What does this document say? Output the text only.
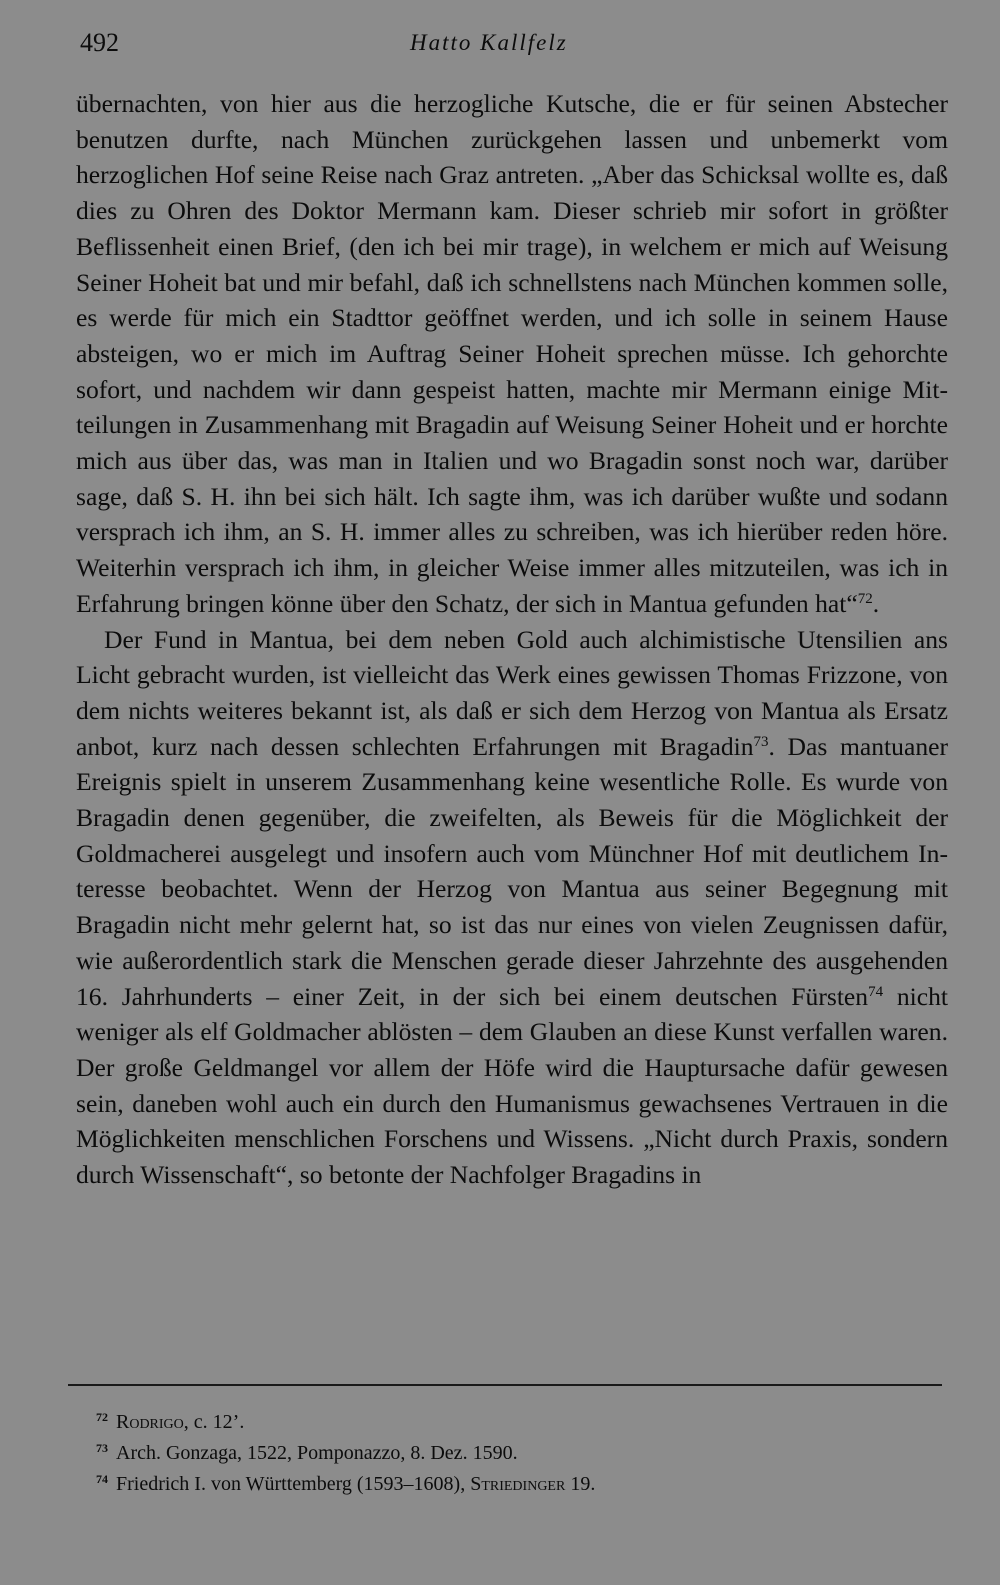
492	Hatto Kallfelz

übernachten, von hier aus die herzogliche Kutsche, die er für seinen Abstecher benutzen durfte, nach München zurückgehen lassen und unbemerkt vom herzoglichen Hof seine Reise nach Graz antreten. „Aber das Schicksal wollte es, daß dies zu Ohren des Doktor Mermann kam. Dieser schrieb mir sofort in größter Beflissenheit einen Brief, (den ich bei mir trage), in welchem er mich auf Weisung Seiner Hoheit bat und mir befahl, daß ich schnellstens nach München kommen solle, es werde für mich ein Stadttor geöffnet werden, und ich solle in seinem Hause absteigen, wo er mich im Auftrag Seiner Hoheit sprechen müsse. Ich gehorchte sofort, und nachdem wir dann gespeist hatten, machte mir Mermann einige Mitteilungen in Zusammenhang mit Bragadin auf Weisung Seiner Hoheit und er horchte mich aus über das, was man in Italien und wo Bragadin sonst noch war, darüber sage, daß S. H. ihn bei sich hält. Ich sagte ihm, was ich darüber wußte und sodann versprach ich ihm, an S. H. immer alles zu schreiben, was ich hierüber reden höre. Weiterhin versprach ich ihm, in gleicher Weise immer alles mitzuteilen, was ich in Erfahrung bringen könne über den Schatz, der sich in Mantua gefunden hat“$^{72}$.

Der Fund in Mantua, bei dem neben Gold auch alchimistische Utensilien ans Licht gebracht wurden, ist vielleicht das Werk eines gewissen Thomas Frizzone, von dem nichts weiteres bekannt ist, als daß er sich dem Herzog von Mantua als Ersatz anbot, kurz nach dessen schlechten Erfahrungen mit Bragadin$^{73}$. Das mantuaner Ereignis spielt in unserem Zusammenhang keine wesentliche Rolle. Es wurde von Bragadin denen gegenüber, die zweifelten, als Beweis für die Möglichkeit der Goldmacherei ausgelegt und insofern auch vom Münchner Hof mit deutlichem Interesse beobachtet. Wenn der Herzog von Mantua aus seiner Begegnung mit Bragadin nicht mehr gelernt hat, so ist das nur eines von vielen Zeugnissen dafür, wie außerordentlich stark die Menschen gerade dieser Jahrzehnte des ausgehenden 16. Jahrhunderts – einer Zeit, in der sich bei einem deutschen Fürsten$^{74}$ nicht weniger als elf Goldmacher ablösten – dem Glauben an diese Kunst verfallen waren. Der große Geldmangel vor allem der Höfe wird die Hauptursache dafür gewesen sein, daneben wohl auch ein durch den Humanismus gewachsenes Vertrauen in die Möglichkeiten menschlichen Forschens und Wissens. „Nicht durch Praxis, sondern durch Wissenschaft“, so betonte der Nachfolger Bragadins in

$^{72}$ Rodrigo, c. 12’.
$^{73}$ Arch. Gonzaga, 1522, Pomponazzo, 8. Dez. 1590.
$^{74}$ Friedrich I. von Württemberg (1593–1608), Striedinger 19.
